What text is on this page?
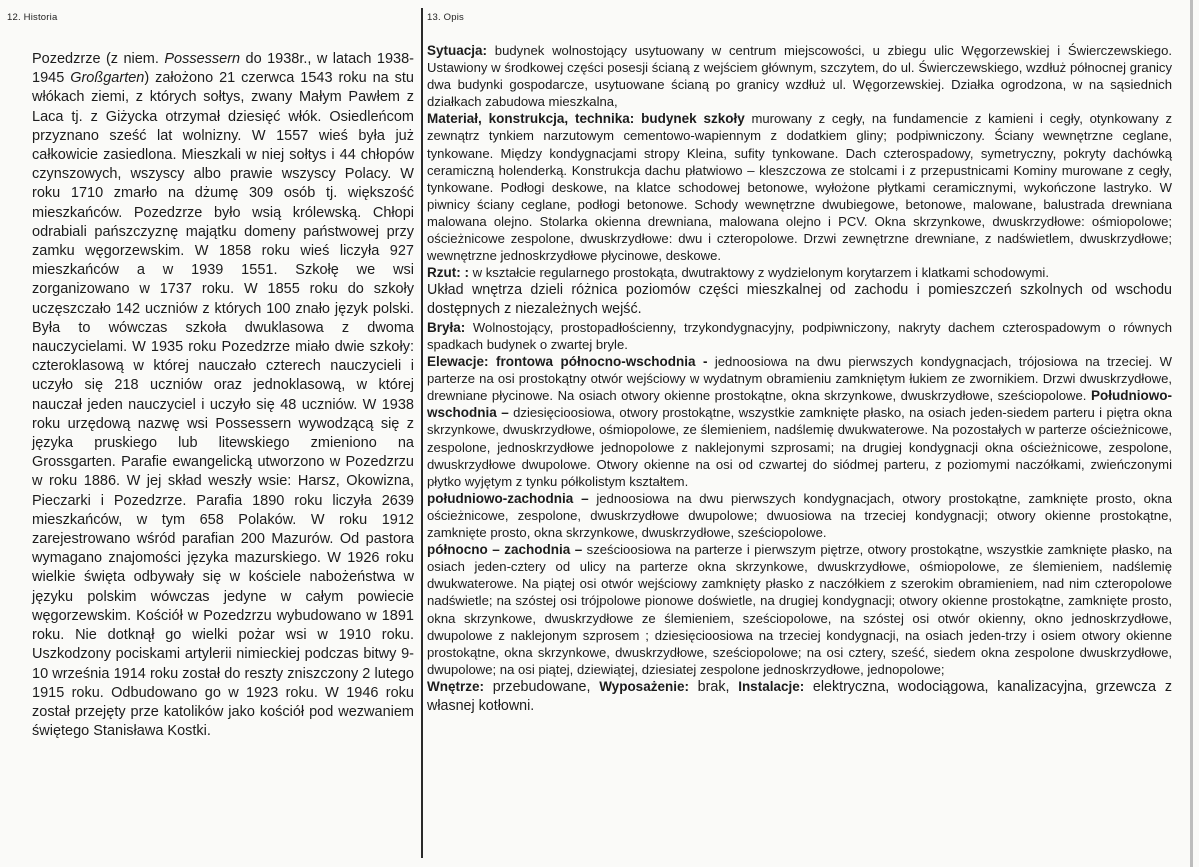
12. Historia

Pozedzrze (z niem. Possessern do 1938r., w latach 1938-1945 Großgarten) założono 21 czerwca 1543 roku na stu włókach ziemi, z których sołtys, zwany Małym Pawłem z Laca tj. z Giżycka otrzymał dziesięć włók. Osiedleńcom przyznano sześć lat wolnizny. W 1557 wieś była już całkowicie zasiedlona. Mieszkali w niej sołtys i 44 chłopów czynszowych, wszyscy albo prawie wszyscy Polacy. W roku 1710 zmarło na dżumę 309 osób tj. większość mieszkańców. Pozedzrze było wsią królewską. Chłopi odrabiali pańszczyznę majątku domeny państwowej przy zamku węgorzewskim. W 1858 roku wieś liczyła 927 mieszkańców a w 1939 1551. Szkołę we wsi zorganizowano w 1737 roku. W 1855 roku do szkoły uczęszczało 142 uczniów z których 100 znało język polski. Była to wówczas szkoła dwuklasowa z dwoma nauczycielami. W 1935 roku Pozedzrze miało dwie szkoły: czteroklasową w której nauczało czterech nauczycieli i uczyło się 218 uczniów oraz jednoklasową, w której nauczał jeden nauczyciel i uczyło się 48 uczniów. W 1938 roku urzędową nazwę wsi Possessern wywodzącą się z języka pruskiego lub litewskiego zmieniono na Grossgarten. Parafie ewangelicką utworzono w Pozedzrzu w roku 1886. W jej skład weszły wsie: Harsz, Okowizna, Pieczarki i Pozedzrze. Parafia 1890 roku liczyła 2639 mieszkańców, w tym 658 Polaków. W roku 1912 zarejestrowano wśród parafian 200 Mazurów. Od pastora wymagano znajomości języka mazurskiego. W 1926 roku wielkie święta odbywały się w kościele nabożeństwa w języku polskim wówczas jedyne w całym powiecie węgorzewskim. Kościół w Pozedzrzu wybudowano w 1891 roku. Nie dotknął go wielki pożar wsi w 1910 roku. Uszkodzony pociskami artylerii nimieckiej podczas bitwy 9-10 września 1914 roku został do reszty zniszczony 2 lutego 1915 roku. Odbudowano go w 1923 roku. W 1946 roku został przejęty prze katolików jako kościół pod wezwaniem świętego Stanisława Kostki.

13. Opis

Sytuacja: budynek wolnostojący usytuowany w centrum miejscowości, u zbiegu ulic Węgorzewskiej i Świerczewskiego. Ustawiony w środkowej części posesji ścianą z wejściem głównym, szczytem, do ul. Świerczewskiego, wzdłuż północnej granicy dwa budynki gospodarcze, usytuowane ścianą po granicy wzdłuż ul. Węgorzewskiej. Działka ogrodzona, w na sąsiednich działkach zabudowa mieszkalna,

Materiał, konstrukcja, technika: budynek szkoły murowany z cegły, na fundamencie z kamieni i cegły, otynkowany z zewnątrz tynkiem narzutowym cementowo-wapiennym z dodatkiem gliny; podpiwniczony. Ściany wewnętrzne ceglane, tynkowane. Między kondygnacjami stropy Kleina, sufity tynkowane. Dach czterospadowy, symetryczny, pokryty dachówką ceramiczną holenderką. Konstrukcja dachu płatwiowo – kleszczowa ze stolcami i z przepustnicami Kominy murowane z cegły, tynkowane. Podłogi deskowe, na klatce schodowej betonowe, wyłożone płytkami ceramicznymi, wykończone lastryko. W piwnicy ściany ceglane, podłogi betonowe. Schody wewnętrzne dwubiegowe, betonowe, malowane, balustrada drewniana malowana olejno. Stolarka okienna drewniana, malowana olejno i PCV. Okna skrzynkowe, dwuskrzydłowe: ośmiopolowe; ościeżnicowe zespolone, dwuskrzydłowe: dwu i czteropolowe. Drzwi zewnętrzne drewniane, z nadświetlem, dwuskrzydłowe; wewnętrzne jednoskrzydłowe płycinowe, deskowe.

Rzut: : w kształcie regularnego prostokąta, dwutraktowy z wydzielonym korytarzem i klatkami schodowymi.

Układ wnętrza dzieli różnica poziomów części mieszkalnej od zachodu i pomieszczeń szkolnych od wschodu dostępnych z niezależnych wejść.

Bryła: Wolnostojący, prostopadłościenny, trzykondygnacyjny, podpiwniczony, nakryty dachem czterospadowym o równych spadkach budynek o zwartej bryle.

Elewacje: frontowa północno-wschodnia - jednoosiowa na dwu pierwszych kondygnacjach, trójosiowa na trzeciej. W parterze na osi prostokątny otwór wejściowy w wydatnym obramieniu zamkniętym łukiem ze zwornikiem. Drzwi dwuskrzydłowe, drewniane płycinowe. Na osiach otwory okienne prostokątne, okna skrzynkowe, dwuskrzydłowe, sześciopolowe. Południowo-wschodnia – dziesięcioosiowa, otwory prostokątne, wszystkie zamknięte płasko, na osiach jeden-siedem parteru i piętra okna skrzynkowe, dwuskrzydłowe, ośmiopolowe, ze ślemieniem, nadślemię dwukwaterowe. Na pozostałych w parterze ościeżnicowe, zespolone, jednoskrzydłowe jednopolowe z naklejonymi szprosami; na drugiej kondygnacji okna ościeżnicowe, zespolone, dwuskrzydłowe dwupolowe. Otwory okienne na osi od czwartej do siódmej parteru, z poziomymi naczółkami, zwieńczonymi płytko wyjętym z tynku półkolistym kształtem.

południowo-zachodnia – jednoosiowa na dwu pierwszych kondygnacjach, otwory prostokątne, zamknięte prosto, okna ościeżnicowe, zespolone, dwuskrzydłowe dwupolowe; dwuosiowa na trzeciej kondygnacji; otwory okienne prostokątne, zamknięte prosto, okna skrzynkowe, dwuskrzydłowe, sześciopolowe.

północno – zachodnia – sześcioosiowa na parterze i pierwszym piętrze, otwory prostokątne, wszystkie zamknięte płasko, na osiach jeden-cztery od ulicy na parterze okna skrzynkowe, dwuskrzydłowe, ośmiopolowe, ze ślemieniem, nadślemię dwukwaterowe. Na piątej osi otwór wejściowy zamknięty płasko z naczółkiem z szerokim obramieniem, nad nim czteropolowe nadświetle; na szóstej osi trójpolowe pionowe doświetle, na drugiej kondygnacji; otwory okienne prostokątne, zamknięte prosto, okna skrzynkowe, dwuskrzydłowe ze ślemieniem, sześciopolowe, na szóstej osi otwór okienny, okno jednoskrzydłowe, dwupolowe z naklejonym szprosem ; dziesięcioosiowa na trzeciej kondygnacji, na osiach jeden-trzy i osiem otwory okienne prostokątne, okna skrzynkowe, dwuskrzydłowe, sześciopolowe; na osi cztery, sześć, siedem okna zespolone dwuskrzydłowe, dwupolowe; na osi piątej, dziewiątej, dziesiatej zespolone jednoskrzydłowe, jednopolowe;

Wnętrze: przebudowane, Wyposażenie: brak, Instalacje: elektryczna, wodociągowa, kanalizacyjna, grzewcza z własnej kotłowni.
